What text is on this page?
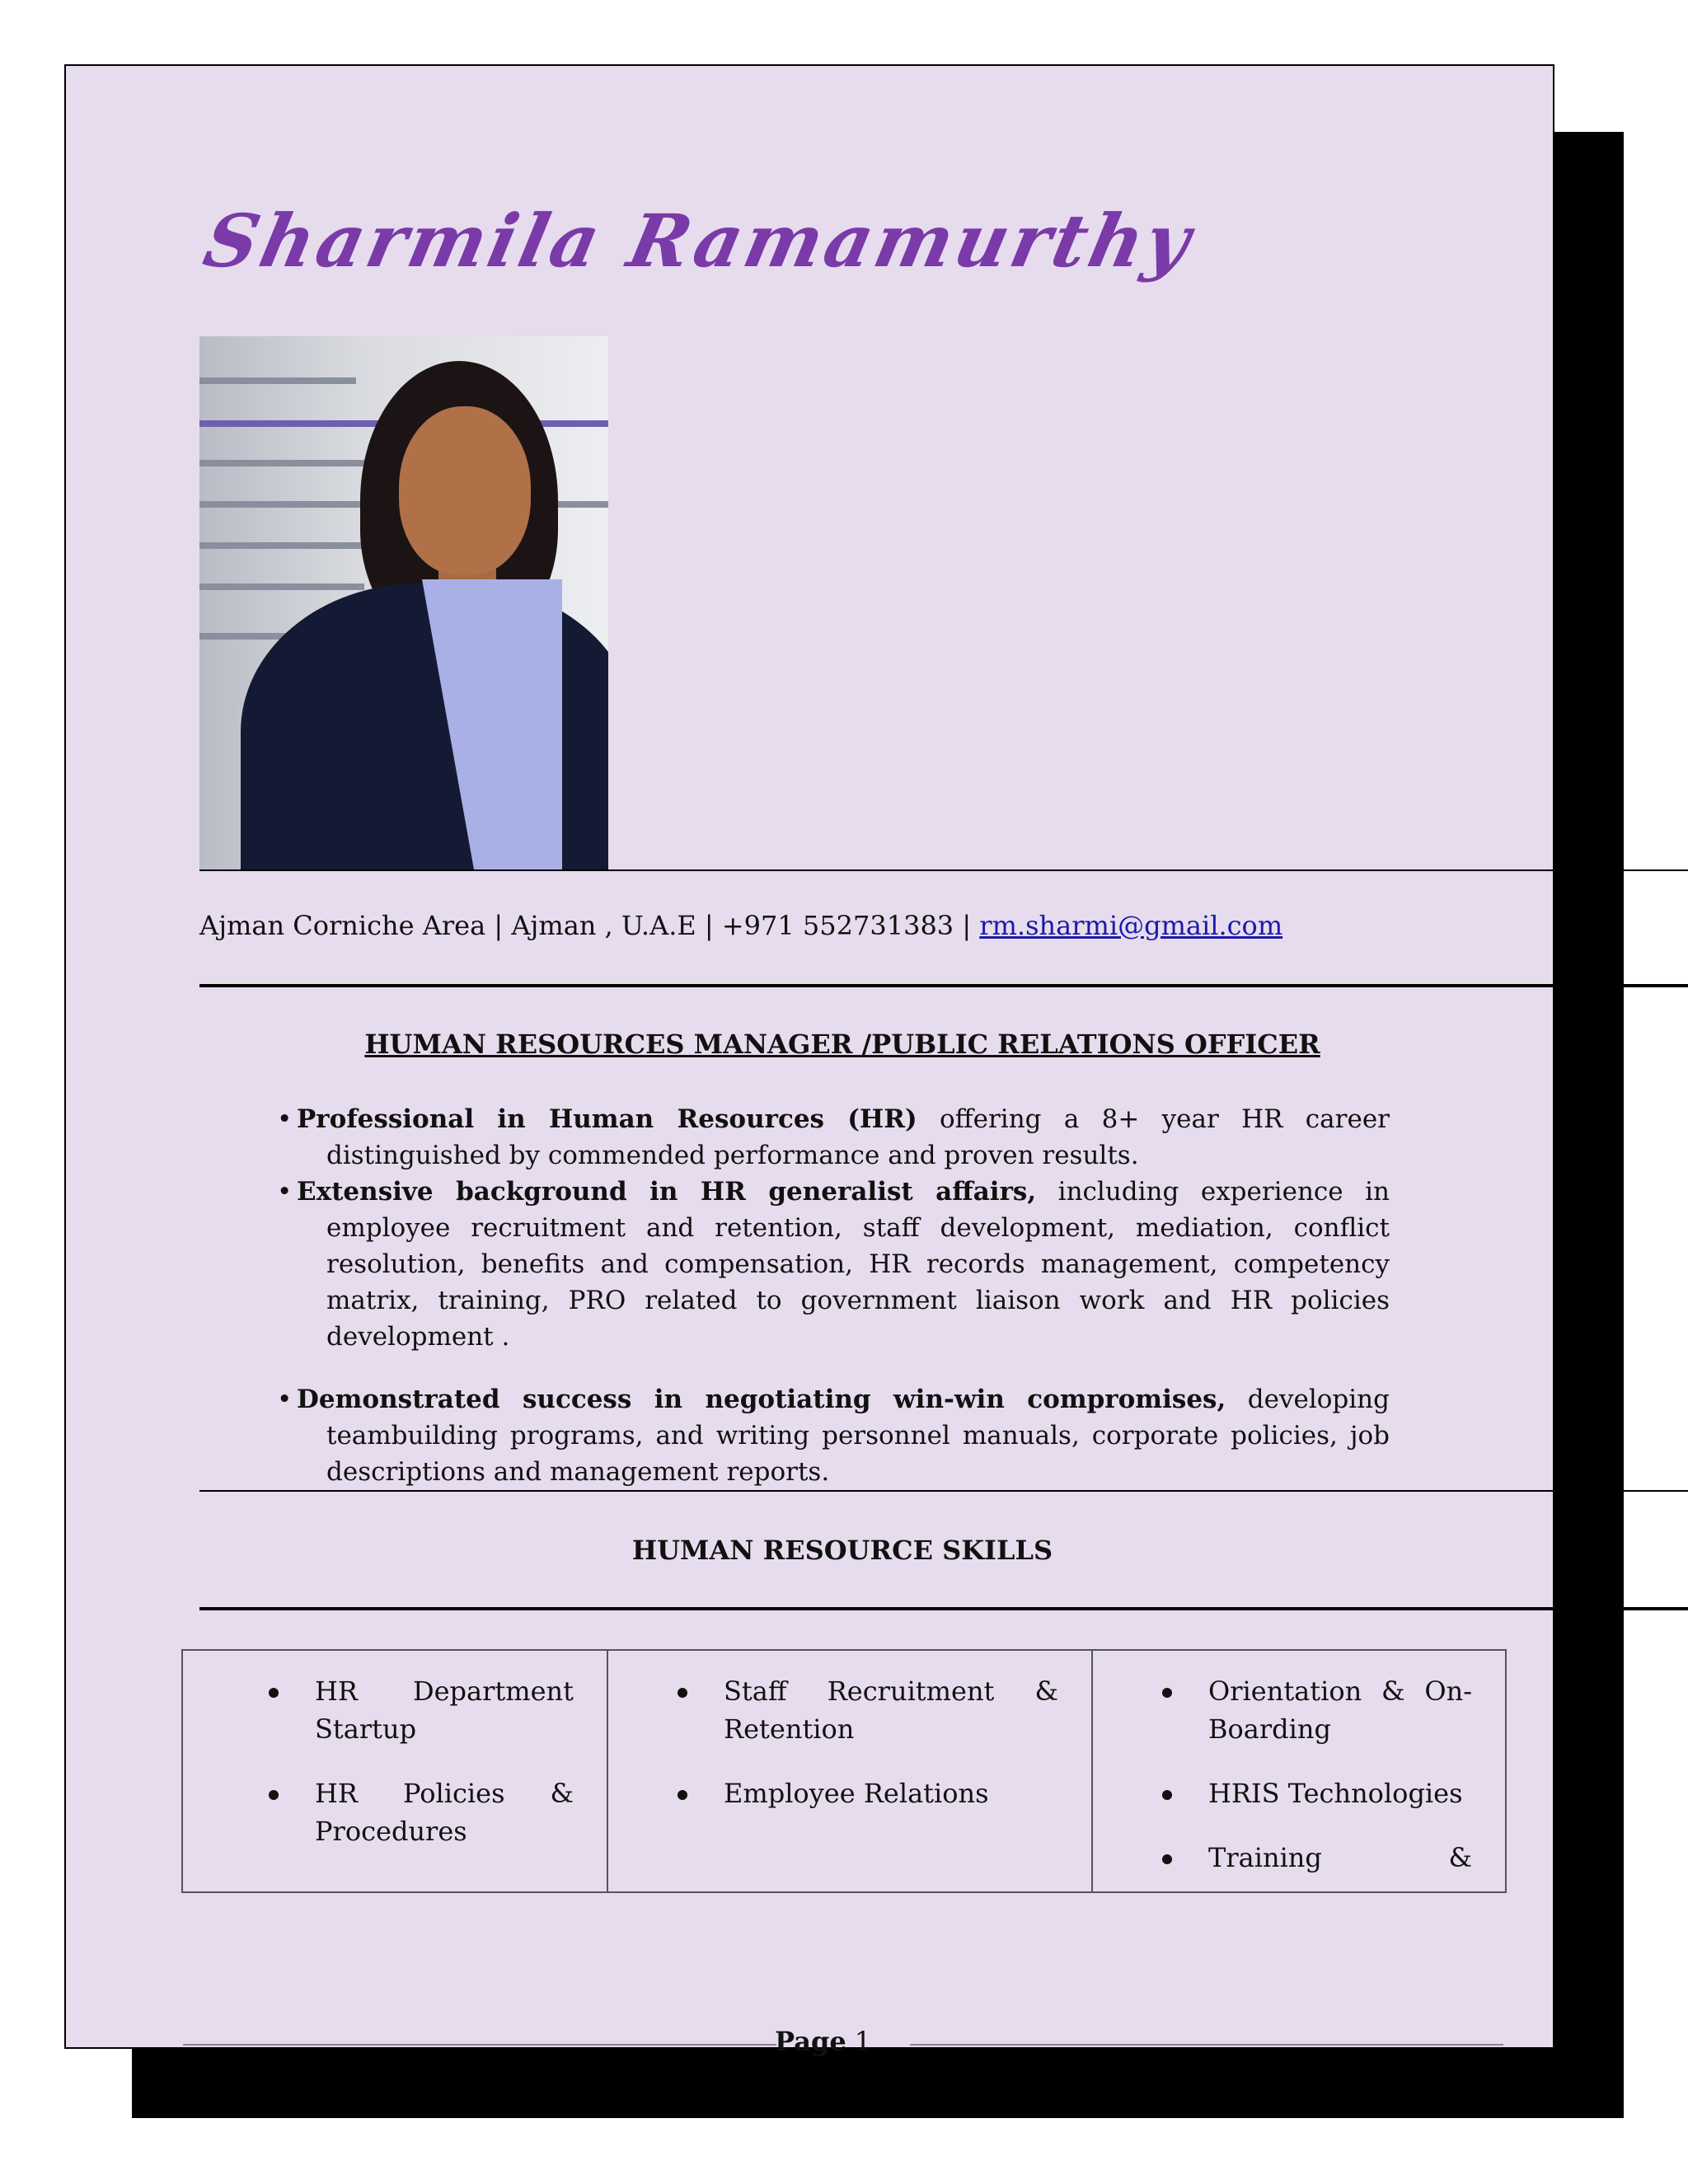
Sharmila Ramamurthy

Ajman Corniche Area | Ajman , U.A.E | +971 552731383 | rm.sharmi@gmail.com

HUMAN RESOURCES MANAGER /PUBLIC RELATIONS OFFICER
• Professional in Human Resources (HR) offering a 8+ year HR career distinguished by commended performance and proven results.
• Extensive background in HR generalist affairs, including experience in employee recruitment and retention, staff development, mediation, conflict resolution, benefits and compensation, HR records management, competency matrix, training, PRO related to government liaison work and HR policies development .
• Demonstrated success in negotiating win-win compromises, developing teambuilding programs, and writing personnel manuals, corporate policies, job descriptions and management reports.
HUMAN RESOURCE SKILLS
HR Department Startup
HR Policies & Procedures
Staff Recruitment & Retention
Employee Relations
Orientation & On-Boarding
HRIS Technologies
Training &

Page 1
